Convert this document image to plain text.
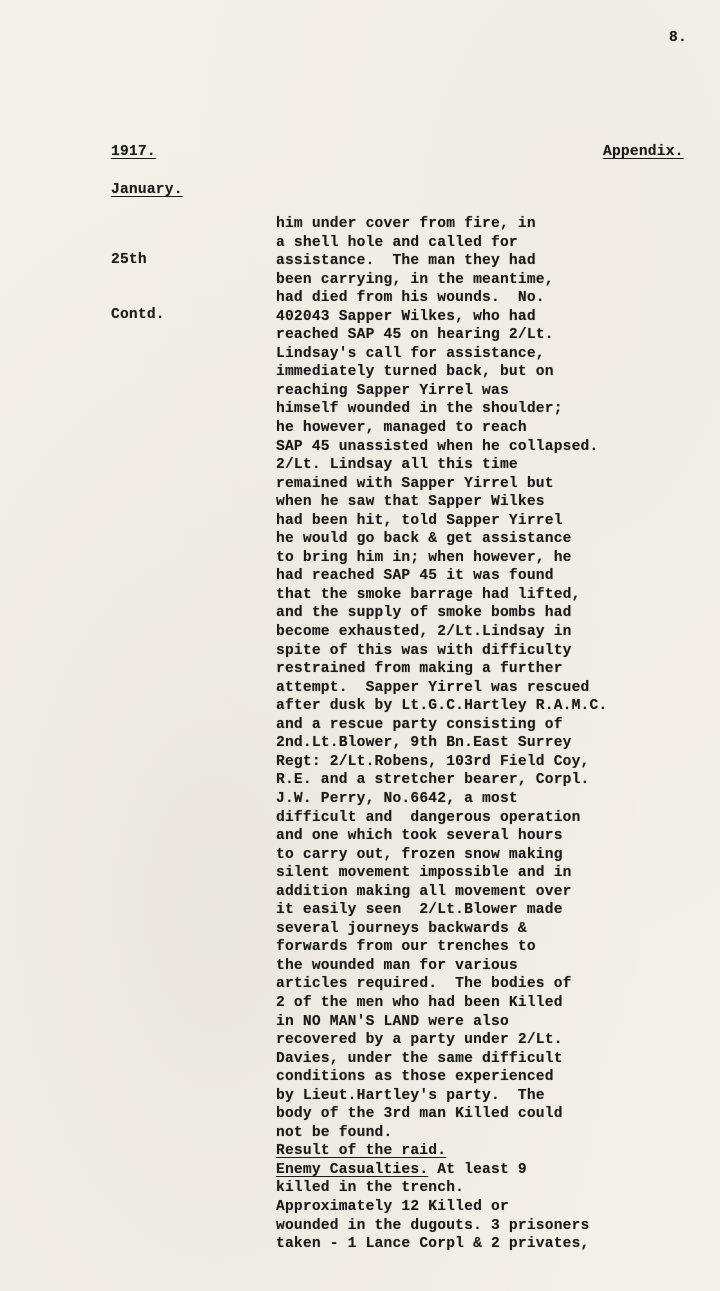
8.
1917.	Appendix.
January.

25th

Contd.

him under cover from fire, in
a shell hole and called for
assistance.  The man they had
been carrying, in the meantime,
had died from his wounds.  No.
402043 Sapper Wilkes, who had
reached SAP 45 on hearing 2/Lt.
Lindsay's call for assistance,
immediately turned back, but on
reaching Sapper Yirrel was
himself wounded in the shoulder;
he however, managed to reach
SAP 45 unassisted when he collapsed.
2/Lt. Lindsay all this time
remained with Sapper Yirrel but
when he saw that Sapper Wilkes
had been hit, told Sapper Yirrel
he would go back & get assistance
to bring him in; when however, he
had reached SAP 45 it was found
that the smoke barrage had lifted,
and the supply of smoke bombs had
become exhausted, 2/Lt.Lindsay in
spite of this was with difficulty
restrained from making a further
attempt.  Sapper Yirrel was rescued
after dusk by Lt.G.C.Hartley R.A.M.C.
and a rescue party consisting of
2nd.Lt.Blower, 9th Bn.East Surrey
Regt: 2/Lt.Robens, 103rd Field Coy,
R.E. and a stretcher bearer, Corpl.
J.W. Perry, No.6642, a most
difficult and  dangerous operation
and one which took several hours
to carry out, frozen snow making
silent movement impossible and in
addition making all movement over
it easily seen  2/Lt.Blower made
several journeys backwards &
forwards from our trenches to
the wounded man for various
articles required.  The bodies of
2 of the men who had been Killed
in NO MAN'S LAND were also
recovered by a party under 2/Lt.
Davies, under the same difficult
conditions as those experienced
by Lieut.Hartley's party.  The
body of the 3rd man Killed could
not be found.
Result of the raid.
Enemy Casualties. At least 9
killed in the trench.
Approximately 12 Killed or
wounded in the dugouts. 3 prisoners
taken - 1 Lance Corpl & 2 privates,
